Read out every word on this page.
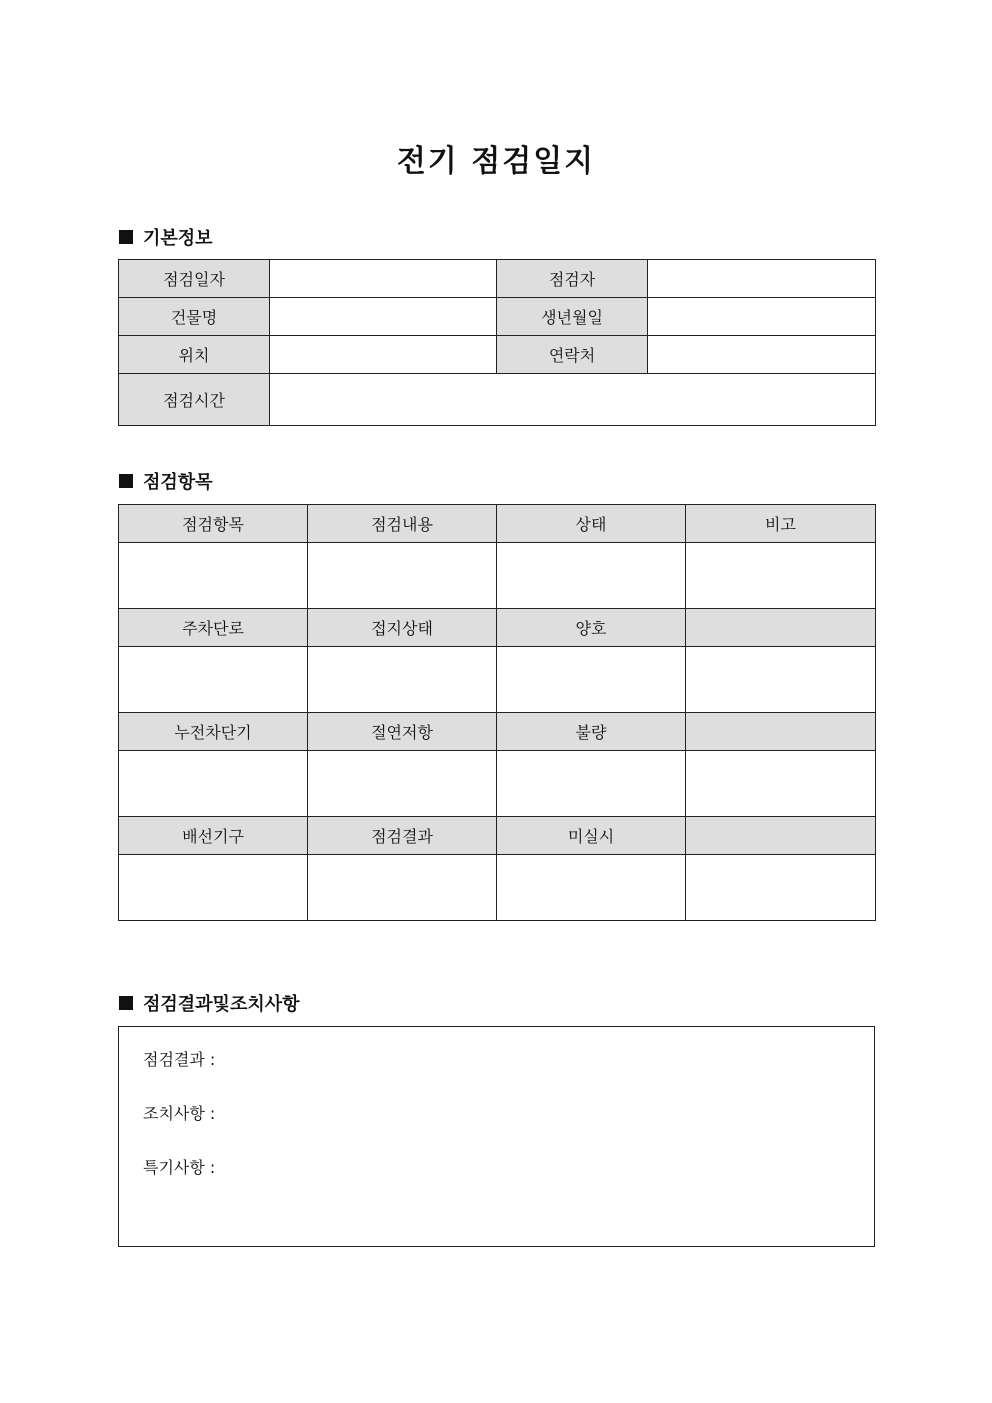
전기 점검일지
기본정보
점검일자		점검자	
건물명		생년월일	
위치		연락처	
점검시간			
점검항목
점검항목	점검내용	상태	비고

주차단로	접지상태	양호	

누전차단기	절연저항	불량	

배선기구	점검결과	미실시	

점검결과및조치사항
점검결과 :
조치사항 :
특기사항 :
